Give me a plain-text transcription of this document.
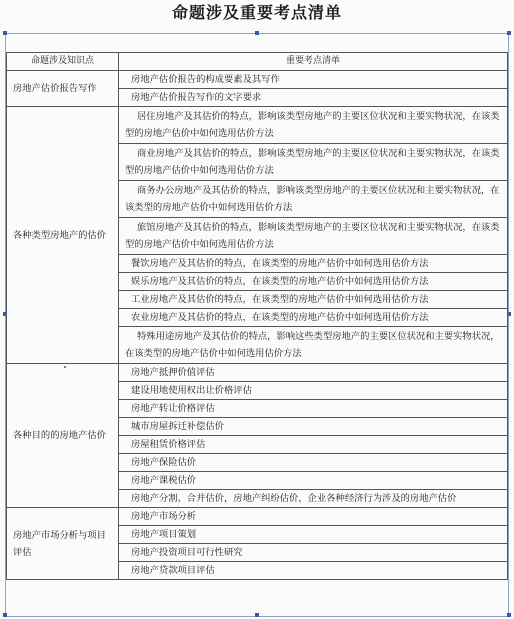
命题涉及重要考点清单
命题涉及知识点	重要考点清单
房地产估价报告写作	房地产估价报告的构成要素及其写作
	房地产估价报告写作的文字要求
各种类型房地产的估价	居住房地产及其估价的特点，影响该类型房地产的主要区位状况和主要实物状况，在该类型的房地产估价中如何选用估价方法
	商业房地产及其估价的特点，影响该类型房地产的主要区位状况和主要实物状况，在该类型的房地产估价中如何选用估价方法
	商务办公房地产及其估价的特点，影响该类型房地产的主要区位状况和主要实物状况，在该类型的房地产估价中如何选用估价方法
	旅馆房地产及其估价的特点，影响该类型房地产的主要区位状况和主要实物状况，在该类型的房地产估价中如何选用估价方法
	餐饮房地产及其估价的特点，在该类型的房地产估价中如何选用估价方法
	娱乐房地产及其估价的特点，在该类型的房地产估价中如何选用估价方法
	工业房地产及其估价的特点，在该类型的房地产估价中如何选用估价方法
	农业房地产及其估价的特点，在该类型的房地产估价中如何选用估价方法
	特殊用途房地产及其估价的特点，影响这些类型房地产的主要区位状况和主要实物状况，在该类型的房地产估价中如何选用估价方法
各种目的的房地产估价	房地产抵押价值评估
	建设用地使用权出让价格评估
	房地产转让价格评估
	城市房屋拆迁补偿估价
	房屋租赁价格评估
	房地产保险估价
	房地产课税估价
	房地产分割、合并估价，房地产纠纷估价，企业各种经济行为涉及的房地产估价
房地产市场分析与项目评估	房地产市场分析
	房地产项目策划
	房地产投资项目可行性研究
	房地产贷款项目评估
